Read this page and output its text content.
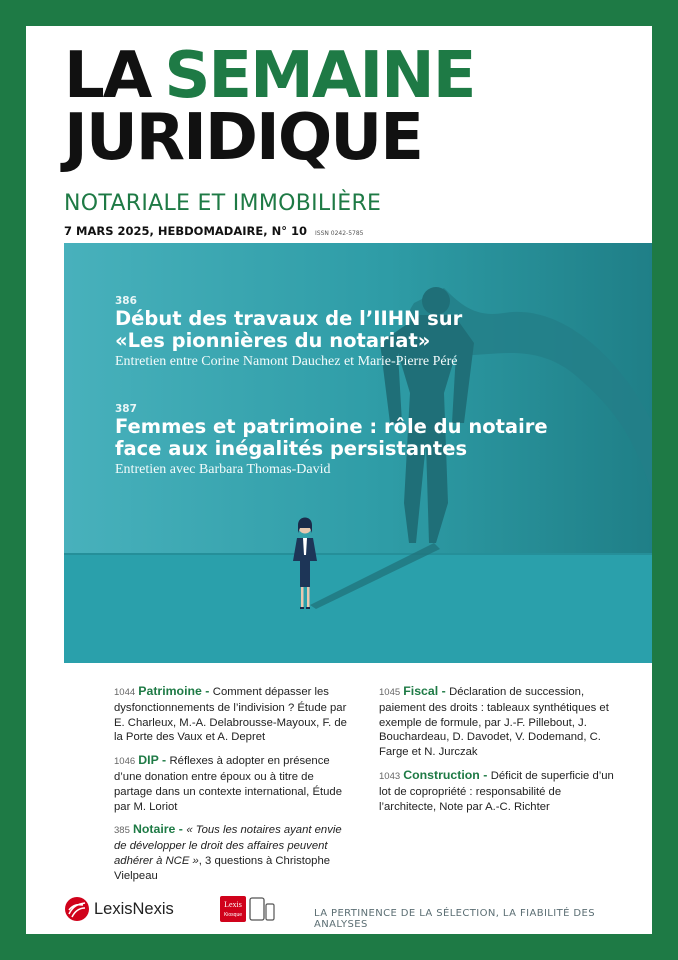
LA SEMAINE
JURIDIQUE
NOTARIALE ET IMMOBILIÈRE
7 MARS 2025, HEBDOMADAIRE, N° 10 ISSN 0242-5785
386
Début des travaux de l’IIHN sur
«Les pionnières du notariat»
Entretien entre Corine Namont Dauchez et Marie-Pierre Péré
387
Femmes et patrimoine : rôle du notaire
face aux inégalités persistantes
Entretien avec Barbara Thomas-David
1044 Patrimoine - Comment dépasser les dysfonctionnements de l’indivision ? Étude par E. Charleux, M.-A. Delabrousse-Mayoux, F. de la Porte des Vaux et A. Depret
1046 DIP - Réflexes à adopter en présence d’une donation entre époux ou à titre de partage dans un contexte international, Étude par M. Loriot
385 Notaire - « Tous les notaires ayant envie de développer le droit des affaires peuvent adhérer à NCE », 3 questions à Christophe Vielpeau
1045 Fiscal - Déclaration de succession, paiement des droits : tableaux synthétiques et exemple de formule, par J.-F. Pillebout, J. Bouchardeau, D. Davodet, V. Dodemand, C. Farge et N. Jurczak
1043 Construction - Déficit de superficie d’un lot de copropriété : responsabilité de l’architecte, Note par A.-C. Richter
LexisNexis	Lexis
Kiosque	LA PERTINENCE DE LA SÉLECTION, LA FIABILITÉ DES ANALYSES
